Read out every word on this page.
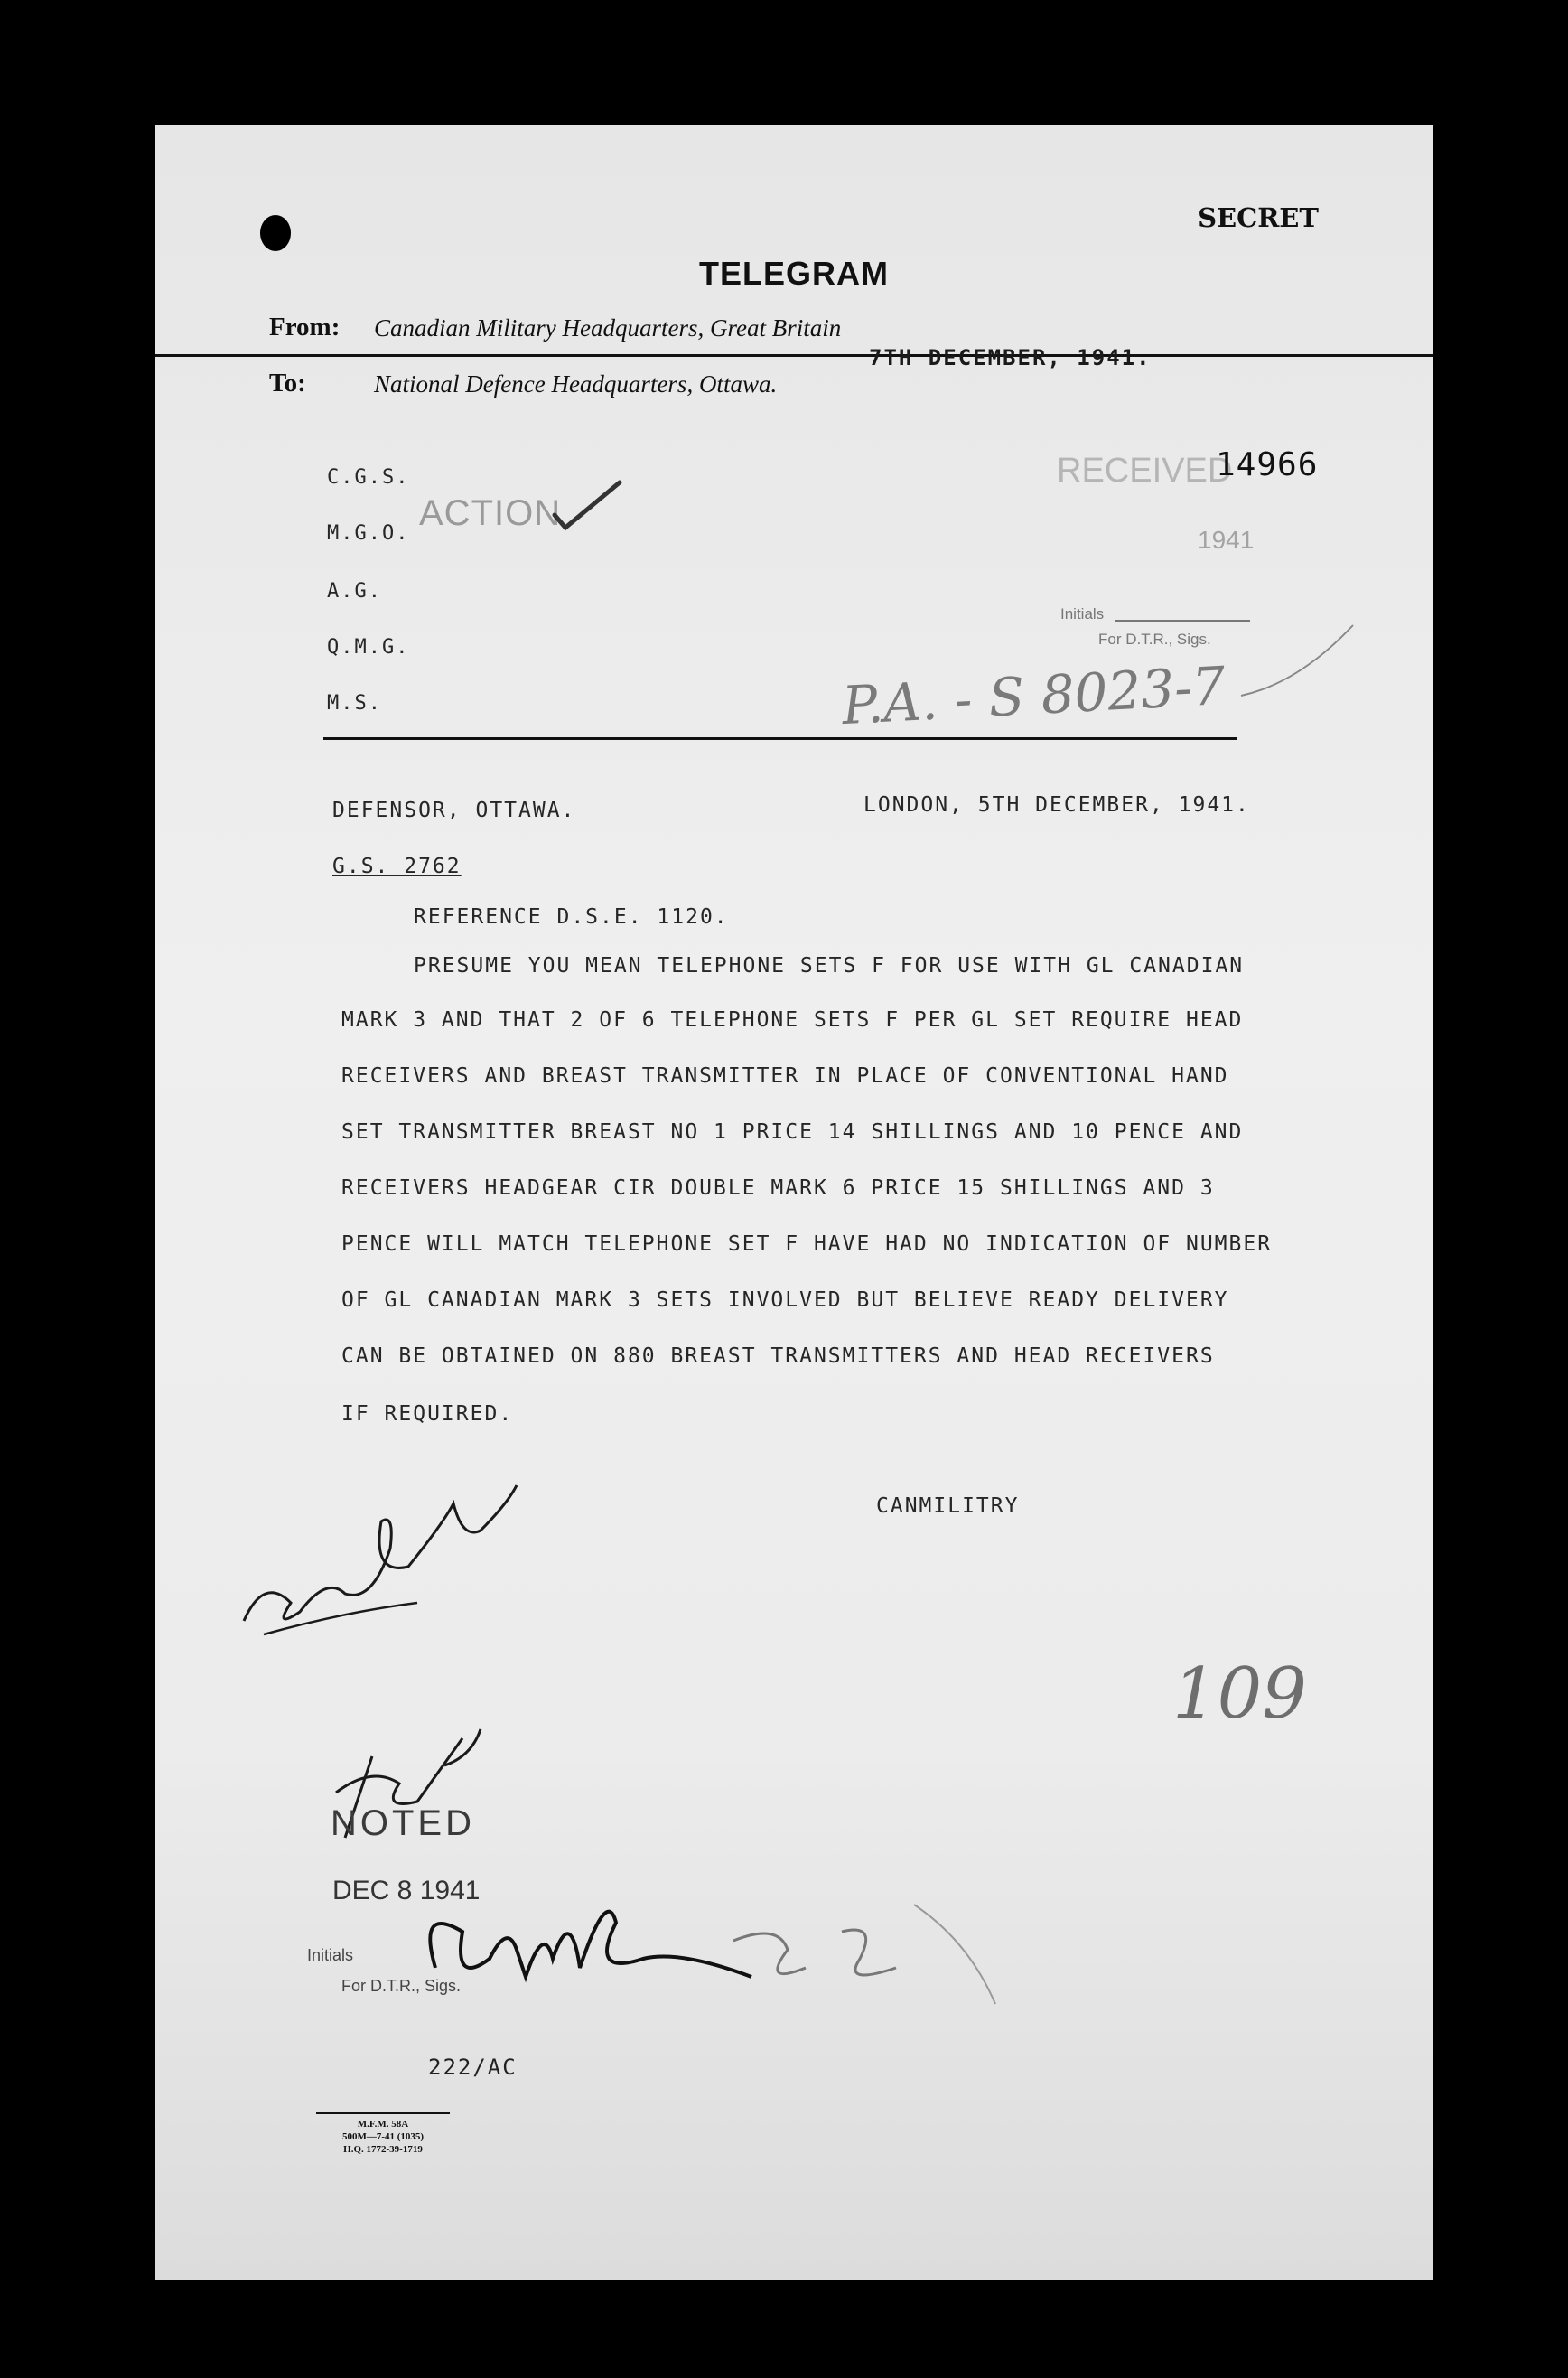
SECRET
TELEGRAM
From: Canadian Military Headquarters, Great Britain
7TH DECEMBER, 1941.
To:	National Defence Headquarters, Ottawa.
C.G.S.
M.G.O.
A.G.
Q.M.G.
M.S.
ACTION
RECEIVED
14966
1941
Initials
For D.T.R., Sigs.
P.A. - S 8023-7
DEFENSOR, OTTAWA.	LONDON, 5TH DECEMBER, 1941.
G.S. 2762
REFERENCE D.S.E. 1120.
PRESUME YOU MEAN TELEPHONE SETS F FOR USE WITH GL CANADIAN
MARK 3 AND THAT 2 OF 6 TELEPHONE SETS F PER GL SET REQUIRE HEAD
RECEIVERS AND BREAST TRANSMITTER IN PLACE OF CONVENTIONAL HAND
SET TRANSMITTER BREAST NO 1 PRICE 14 SHILLINGS AND 10 PENCE AND
RECEIVERS HEADGEAR CIR DOUBLE MARK 6 PRICE 15 SHILLINGS AND 3
PENCE WILL MATCH TELEPHONE SET F HAVE HAD NO INDICATION OF NUMBER
OF GL CANADIAN MARK 3 SETS INVOLVED BUT BELIEVE READY DELIVERY
CAN BE OBTAINED ON 880 BREAST TRANSMITTERS AND HEAD RECEIVERS
IF REQUIRED.
CANMILITRY
109
NOTED
DEC 8 1941
Initials
For D.T.R., Sigs.
222/AC
M.F.M. 58A
500M—7-41 (1035)
H.Q. 1772-39-1719
